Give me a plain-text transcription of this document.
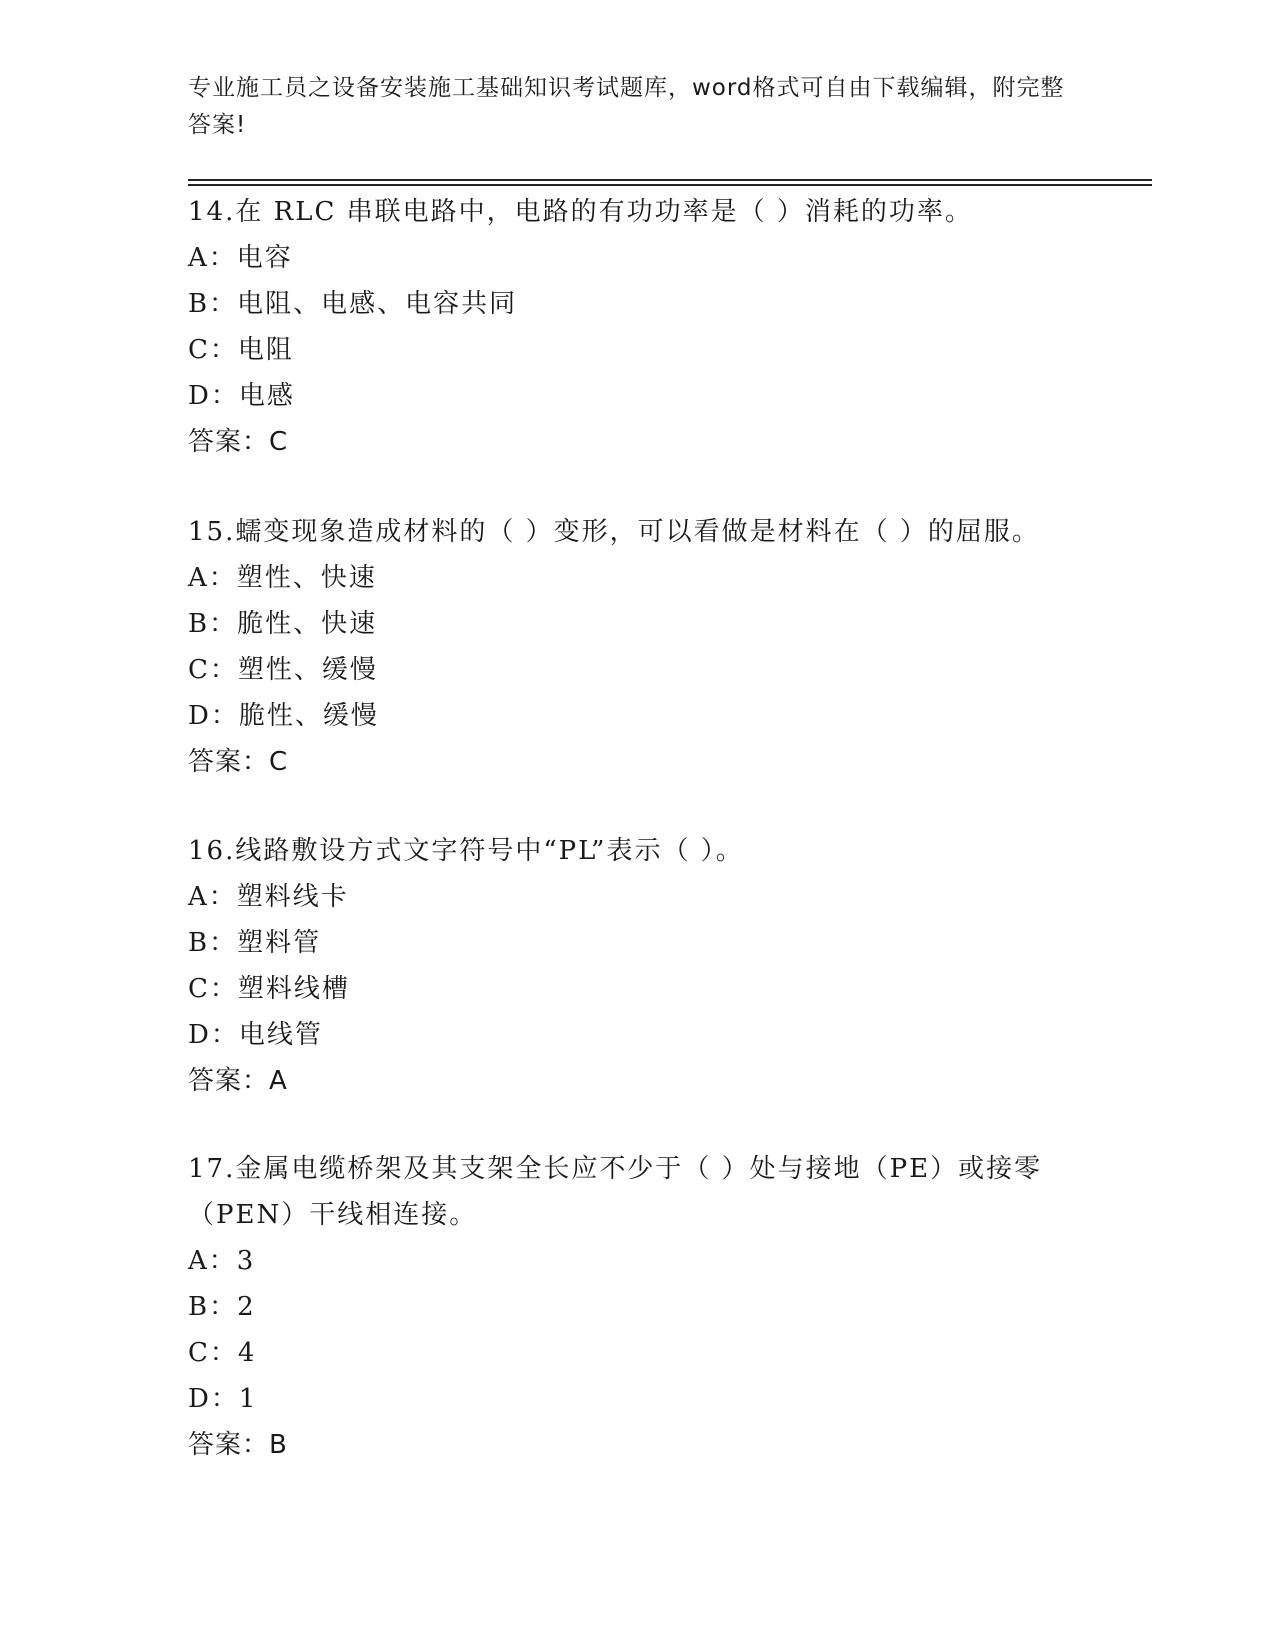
专业施工员之设备安装施工基础知识考试题库，word格式可自由下载编辑，附完整答案!
14.在 RLC 串联电路中，电路的有功功率是（ ）消耗的功率。
A：电容
B：电阻、电感、电容共同
C：电阻
D：电感
答案：C
15.蠕变现象造成材料的（ ）变形，可以看做是材料在（ ）的屈服。
A：塑性、快速
B：脆性、快速
C：塑性、缓慢
D：脆性、缓慢
答案：C
16.线路敷设方式文字符号中“PL”表示（ ）。
A：塑料线卡
B：塑料管
C：塑料线槽
D：电线管
答案：A
17.金属电缆桥架及其支架全长应不少于（ ）处与接地（PE）或接零（PEN）干线相连接。
A：3
B：2
C：4
D：1
答案：B
